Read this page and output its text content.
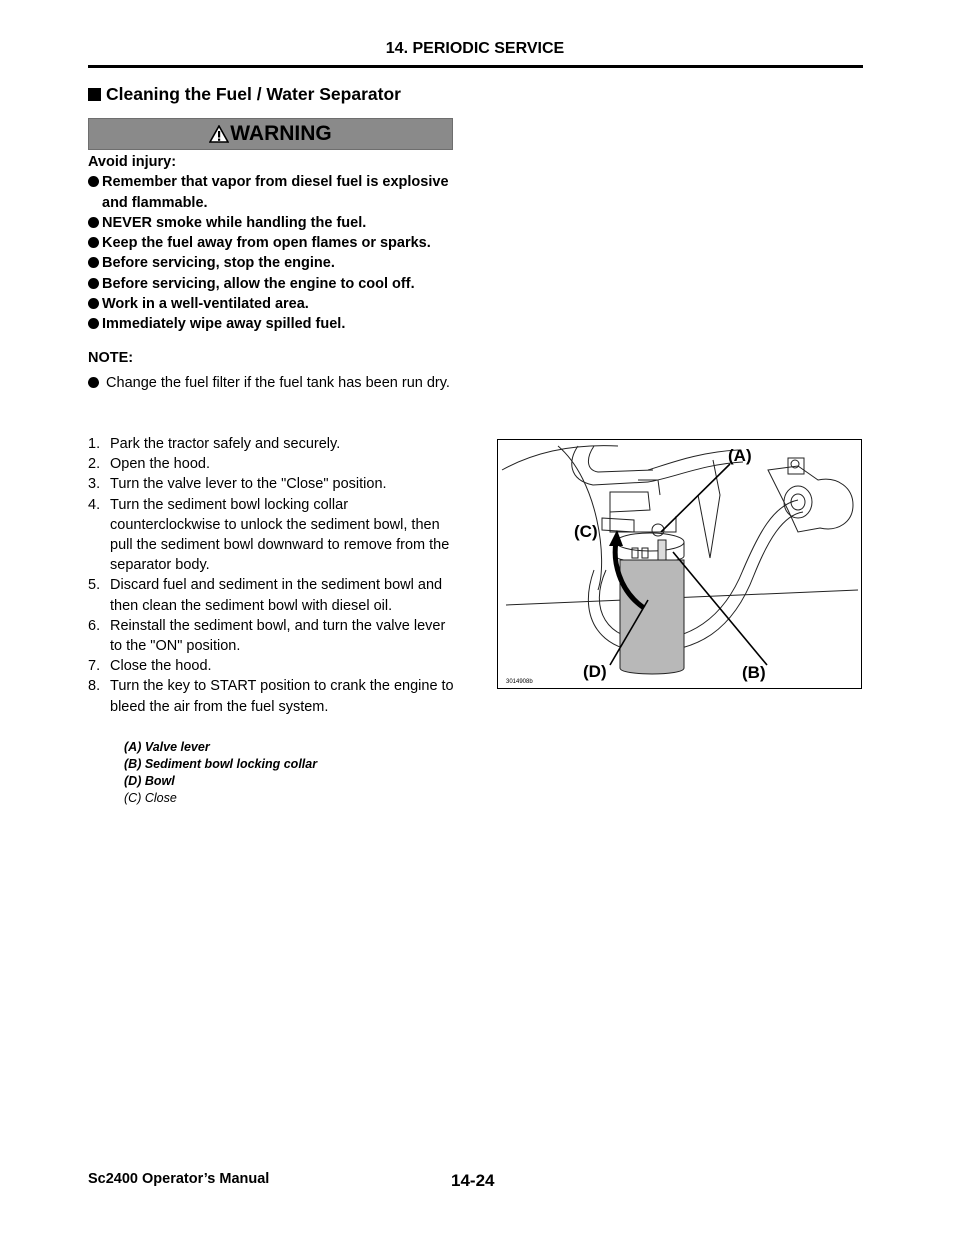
14. PERIODIC SERVICE
Cleaning the Fuel / Water Separator
WARNING
Avoid injury:
Remember that vapor from diesel fuel is explosive and flammable.
NEVER smoke while handling the fuel.
Keep the fuel away from open flames or sparks.
Before servicing, stop the engine.
Before servicing, allow the engine to cool off.
Work in a well-ventilated area.
Immediately wipe away spilled fuel.
NOTE:
Change the fuel filter if the fuel tank has been run dry.
1. Park the tractor safely and securely.
2. Open the hood.
3. Turn the valve lever to the "Close" position.
4. Turn the sediment bowl locking collar counterclockwise to unlock the sediment bowl, then pull the sediment bowl downward to remove from the separator body.
5. Discard fuel and sediment in the sediment bowl and then clean the sediment bowl with diesel oil.
6. Reinstall the sediment bowl, and turn the valve lever to the "ON" position.
7. Close the hood.
8. Turn the key to START position to crank the engine to bleed the air from the fuel system.
(A) Valve lever
(B) Sediment bowl locking collar
(D) Bowl
(C) Close
(A)
(C)
(D)	(B)
3014908b
Sc2400 Operator’s Manual	14-24
